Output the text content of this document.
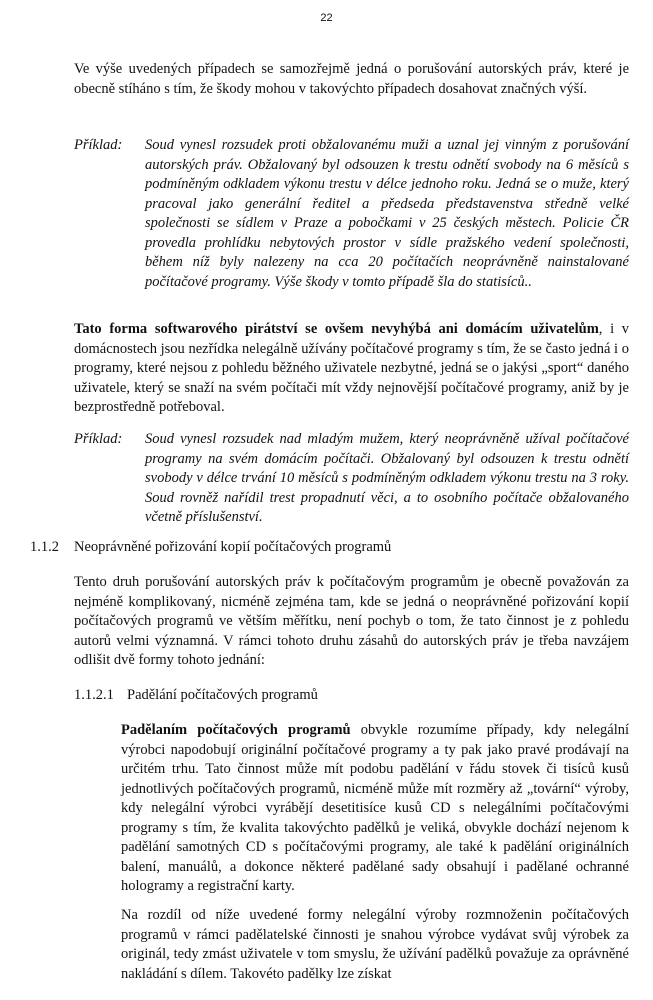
22
Ve výše uvedených případech se samozřejmě jedná o porušování autorských práv, které je obecně stíháno s tím, že škody mohou v takovýchto případech dosahovat značných výší.
Příklad:	Soud vynesl rozsudek proti obžalovanému muži a uznal jej vinným z porušování autorských práv. Obžalovaný byl odsouzen k trestu odnětí svobody na 6 měsíců s podmíněným odkladem výkonu trestu v délce jednoho roku. Jedná se o muže, který pracoval jako generální ředitel a předseda představenstva středně velké společnosti se sídlem v Praze a pobočkami v 25 českých městech. Policie ČR provedla prohlídku nebytových prostor v sídle pražského vedení společnosti, během níž byly nalezeny na cca 20 počítačích neoprávněně nainstalované počítačové programy. Výše škody v tomto případě šla do statisíců..
Tato forma softwarového pirátství se ovšem nevyhýbá ani domácím uživatelům, i v domácnostech jsou nezřídka nelegálně užívány počítačové programy s tím, že se často jedná i o programy, které nejsou z pohledu běžného uživatele nezbytné, jedná se o jakýsi „sport“ daného uživatele, který se snaží na svém počítači mít vždy nejnovější počítačové programy, aniž by je bezprostředně potřeboval.
Příklad:	Soud vynesl rozsudek nad mladým mužem, který neoprávněně užíval počítačové programy na svém domácím počítači. Obžalovaný byl odsouzen k trestu odnětí svobody v délce trvání 10 měsíců s podmíněným odkladem výkonu trestu na 3 roky. Soud rovněž nařídil trest propadnutí věci, a to osobního počítače obžalovaného včetně příslušenství.
1.1.2	Neoprávněné pořizování kopií počítačových programů
Tento druh porušování autorských práv k počítačovým programům je obecně považován za nejméně komplikovaný, nicméně zejména tam, kde se jedná o neoprávněné pořizování kopií počítačových programů ve větším měřítku, není pochyb o tom, že tato činnost je z pohledu autorů velmi významná. V rámci tohoto druhu zásahů do autorských práv je třeba navzájem odlišit dvě formy tohoto jednání:
1.1.2.1 Padělání počítačových programů
Padělaním počítačových programů obvykle rozumíme případy, kdy nelegální výrobci napodobují originální počítačové programy a ty pak jako pravé prodávají na určitém trhu. Tato činnost může mít podobu padělání v řádu stovek či tisíců kusů jednotlivých počítačových programů, nicméně může mít rozměry až „tovární“ výroby, kdy nelegální výrobci vyrábějí desetitisíce kusů CD s nelegálními počítačovými programy s tím, že kvalita takovýchto padělků je veliká, obvykle dochází nejenom k padělání samotných CD s počítačovými programy, ale také k padělání originálních balení, manuálů, a dokonce některé padělané sady obsahují i padělané ochranné hologramy a registrační karty.
Na rozdíl od níže uvedené formy nelegální výroby rozmnoženin počítačových programů v rámci padělatelské činnosti je snahou výrobce vydávat svůj výrobek za originál, tedy zmást uživatele v tom smyslu, že užívání padělků považuje za oprávněné nakládání s dílem. Takovéto padělky lze získat
